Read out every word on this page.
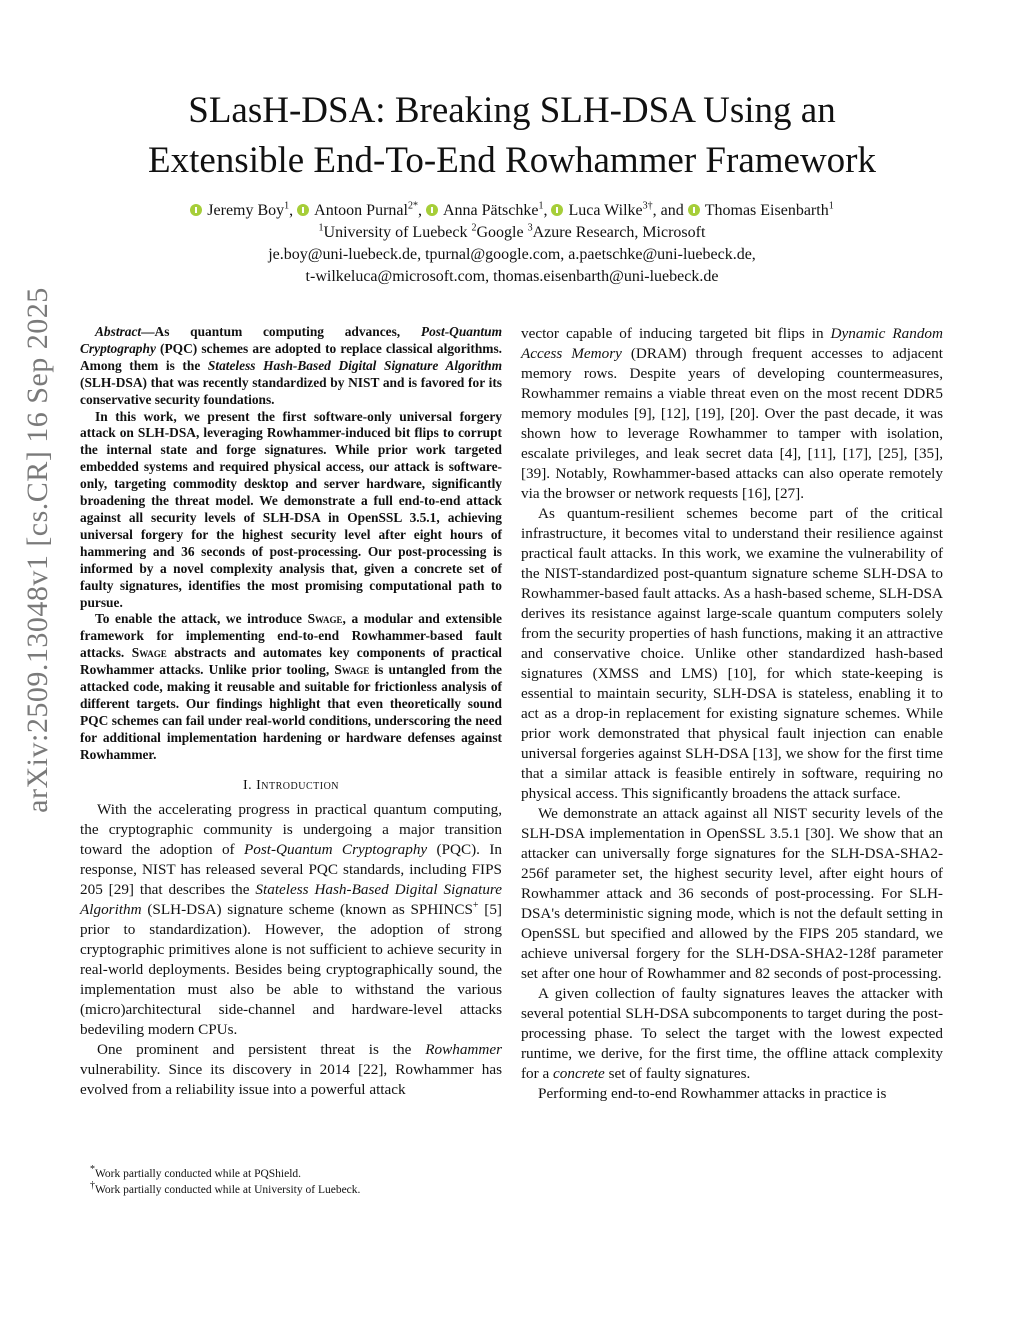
arXiv:2509.13048v1 [cs.CR] 16 Sep 2025
SLasH-DSA: Breaking SLH-DSA Using an
Extensible End-To-End Rowhammer Framework
Jeremy Boy$^1$, Antoon Purnal$^{2*}$, Anna Pätschke$^1$, Luca Wilke$^{3\dagger}$, and Thomas Eisenbarth$^1$
$^1$University of Luebeck $^2$Google $^3$Azure Research, Microsoft
je.boy@uni-luebeck.de, tpurnal@google.com, a.paetschke@uni-luebeck.de,
t-wilkeluca@microsoft.com, thomas.eisenbarth@uni-luebeck.de

Abstract—As quantum computing advances, Post-Quantum Cryptography (PQC) schemes are adopted to replace classical algorithms. Among them is the Stateless Hash-Based Digital Signature Algorithm (SLH-DSA) that was recently standardized by NIST and is favored for its conservative security foundations.

In this work, we present the first software-only universal forgery attack on SLH-DSA, leveraging Rowhammer-induced bit flips to corrupt the internal state and forge signatures. While prior work targeted embedded systems and required physical access, our attack is software-only, targeting commodity desktop and server hardware, significantly broadening the threat model. We demonstrate a full end-to-end attack against all security levels of SLH-DSA in OpenSSL 3.5.1, achieving universal forgery for the highest security level after eight hours of hammering and 36 seconds of post-processing. Our post-processing is informed by a novel complexity analysis that, given a concrete set of faulty signatures, identifies the most promising computational path to pursue.

To enable the attack, we introduce Swage, a modular and extensible framework for implementing end-to-end Rowhammer-based fault attacks. Swage abstracts and automates key components of practical Rowhammer attacks. Unlike prior tooling, Swage is untangled from the attacked code, making it reusable and suitable for frictionless analysis of different targets. Our findings highlight that even theoretically sound PQC schemes can fail under real-world conditions, underscoring the need for additional implementation hardening or hardware defenses against Rowhammer.

I. Introduction

With the accelerating progress in practical quantum computing, the cryptographic community is undergoing a major transition toward the adoption of Post-Quantum Cryptography (PQC). In response, NIST has released several PQC standards, including FIPS 205 [29] that describes the Stateless Hash-Based Digital Signature Algorithm (SLH-DSA) signature scheme (known as SPHINCS+ [5] prior to standardization). However, the adoption of strong cryptographic primitives alone is not sufficient to achieve security in real-world deployments. Besides being cryptographically sound, the implementation must also be able to withstand the various (micro)architectural side-channel and hardware-level attacks bedeviling modern CPUs.

One prominent and persistent threat is the Rowhammer vulnerability. Since its discovery in 2014 [22], Rowhammer has evolved from a reliability issue into a powerful attack

*Work partially conducted while at PQShield.
†Work partially conducted while at University of Luebeck.

vector capable of inducing targeted bit flips in Dynamic Random Access Memory (DRAM) through frequent accesses to adjacent memory rows. Despite years of developing countermeasures, Rowhammer remains a viable threat even on the most recent DDR5 memory modules [9], [12], [19], [20]. Over the past decade, it was shown how to leverage Rowhammer to tamper with isolation, escalate privileges, and leak secret data [4], [11], [17], [25], [35], [39]. Notably, Rowhammer-based attacks can also operate remotely via the browser or network requests [16], [27].

As quantum-resilient schemes become part of the critical infrastructure, it becomes vital to understand their resilience against practical fault attacks. In this work, we examine the vulnerability of the NIST-standardized post-quantum signature scheme SLH-DSA to Rowhammer-based fault attacks. As a hash-based scheme, SLH-DSA derives its resistance against large-scale quantum computers solely from the security properties of hash functions, making it an attractive and conservative choice. Unlike other standardized hash-based signatures (XMSS and LMS) [10], for which state-keeping is essential to maintain security, SLH-DSA is stateless, enabling it to act as a drop-in replacement for existing signature schemes. While prior work demonstrated that physical fault injection can enable universal forgeries against SLH-DSA [13], we show for the first time that a similar attack is feasible entirely in software, requiring no physical access. This significantly broadens the attack surface.

We demonstrate an attack against all NIST security levels of the SLH-DSA implementation in OpenSSL 3.5.1 [30]. We show that an attacker can universally forge signatures for the SLH-DSA-SHA2-256f parameter set, the highest security level, after eight hours of Rowhammer attack and 36 seconds of post-processing. For SLH-DSA's deterministic signing mode, which is not the default setting in OpenSSL but specified and allowed by the FIPS 205 standard, we achieve universal forgery for the SLH-DSA-SHA2-128f parameter set after one hour of Rowhammer and 82 seconds of post-processing.

A given collection of faulty signatures leaves the attacker with several potential SLH-DSA subcomponents to target during the post-processing phase. To select the target with the lowest expected runtime, we derive, for the first time, the offline attack complexity for a concrete set of faulty signatures.

Performing end-to-end Rowhammer attacks in practice is
